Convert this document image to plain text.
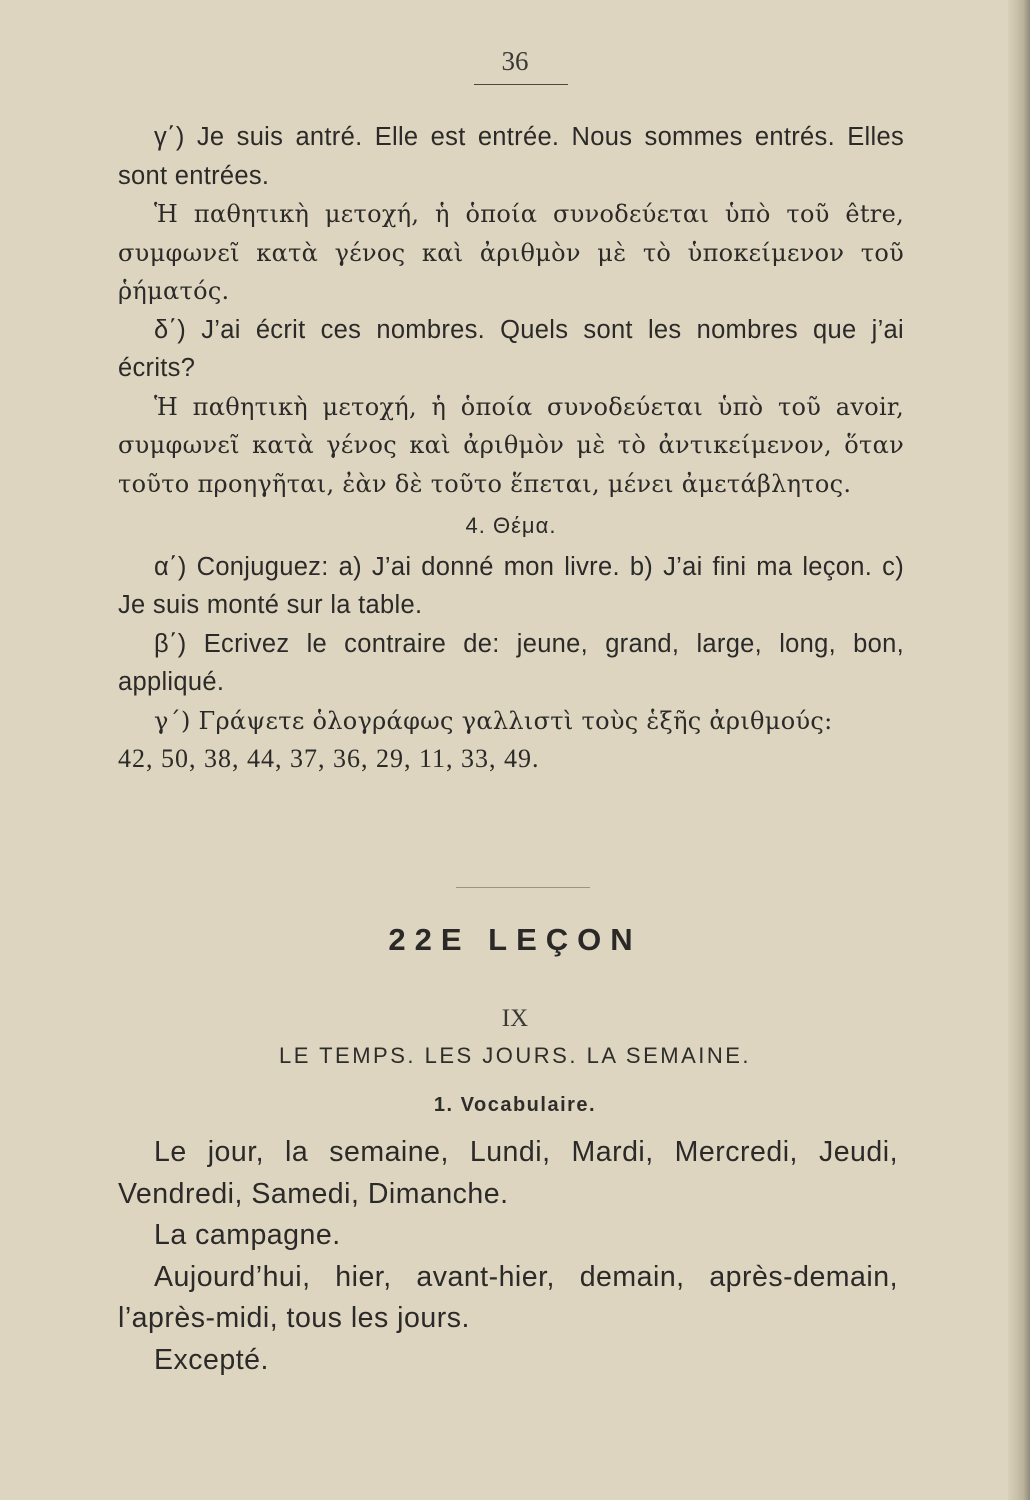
36

γ΄) Je suis antré. Elle est entrée. Nous sommes entrés. Elles sont entrées.

Ἡ παθητικὴ μετοχή, ἡ ὁποία συνοδεύεται ὑπὸ τοῦ être, συμφωνεῖ κατὰ γένος καὶ ἀριθμὸν μὲ τὸ ὑποκείμενον τοῦ ῥήματός.

δ΄) J’ai écrit ces nombres. Quels sont les nombres que j’ai écrits?

Ἡ παθητικὴ μετοχή, ἡ ὁποία συνοδεύεται ὑπὸ τοῦ avoir, συμφωνεῖ κατὰ γένος καὶ ἀριθμὸν μὲ τὸ ἀντικείμενον, ὅταν τοῦτο προηγῆται, ἐὰν δὲ τοῦτο ἕπεται, μένει ἀμετάβλητος.

4. Θέμα.

α΄) Conjuguez: a) J’ai donné mon livre. b) J’ai fini ma leçon. c) Je suis monté sur la table.

β΄) Ecrivez le contraire de: jeune, grand, large, long, bon, appliqué.

γ΄) Γράψετε ὁλογράφως γαλλιστὶ τοὺς ἑξῆς ἀριθμούς:

42, 50, 38, 44, 37, 36, 29, 11, 33, 49.

22E LEÇON
IX
LE TEMPS. LES JOURS. LA SEMAINE.
1. Vocabulaire.

Le jour, la semaine, Lundi, Mardi, Mercredi, Jeudi, Vendredi, Samedi, Dimanche.

La campagne.

Aujourd’hui, hier, avant-hier, demain, après-demain, l’après-midi, tous les jours.

Excepté.
